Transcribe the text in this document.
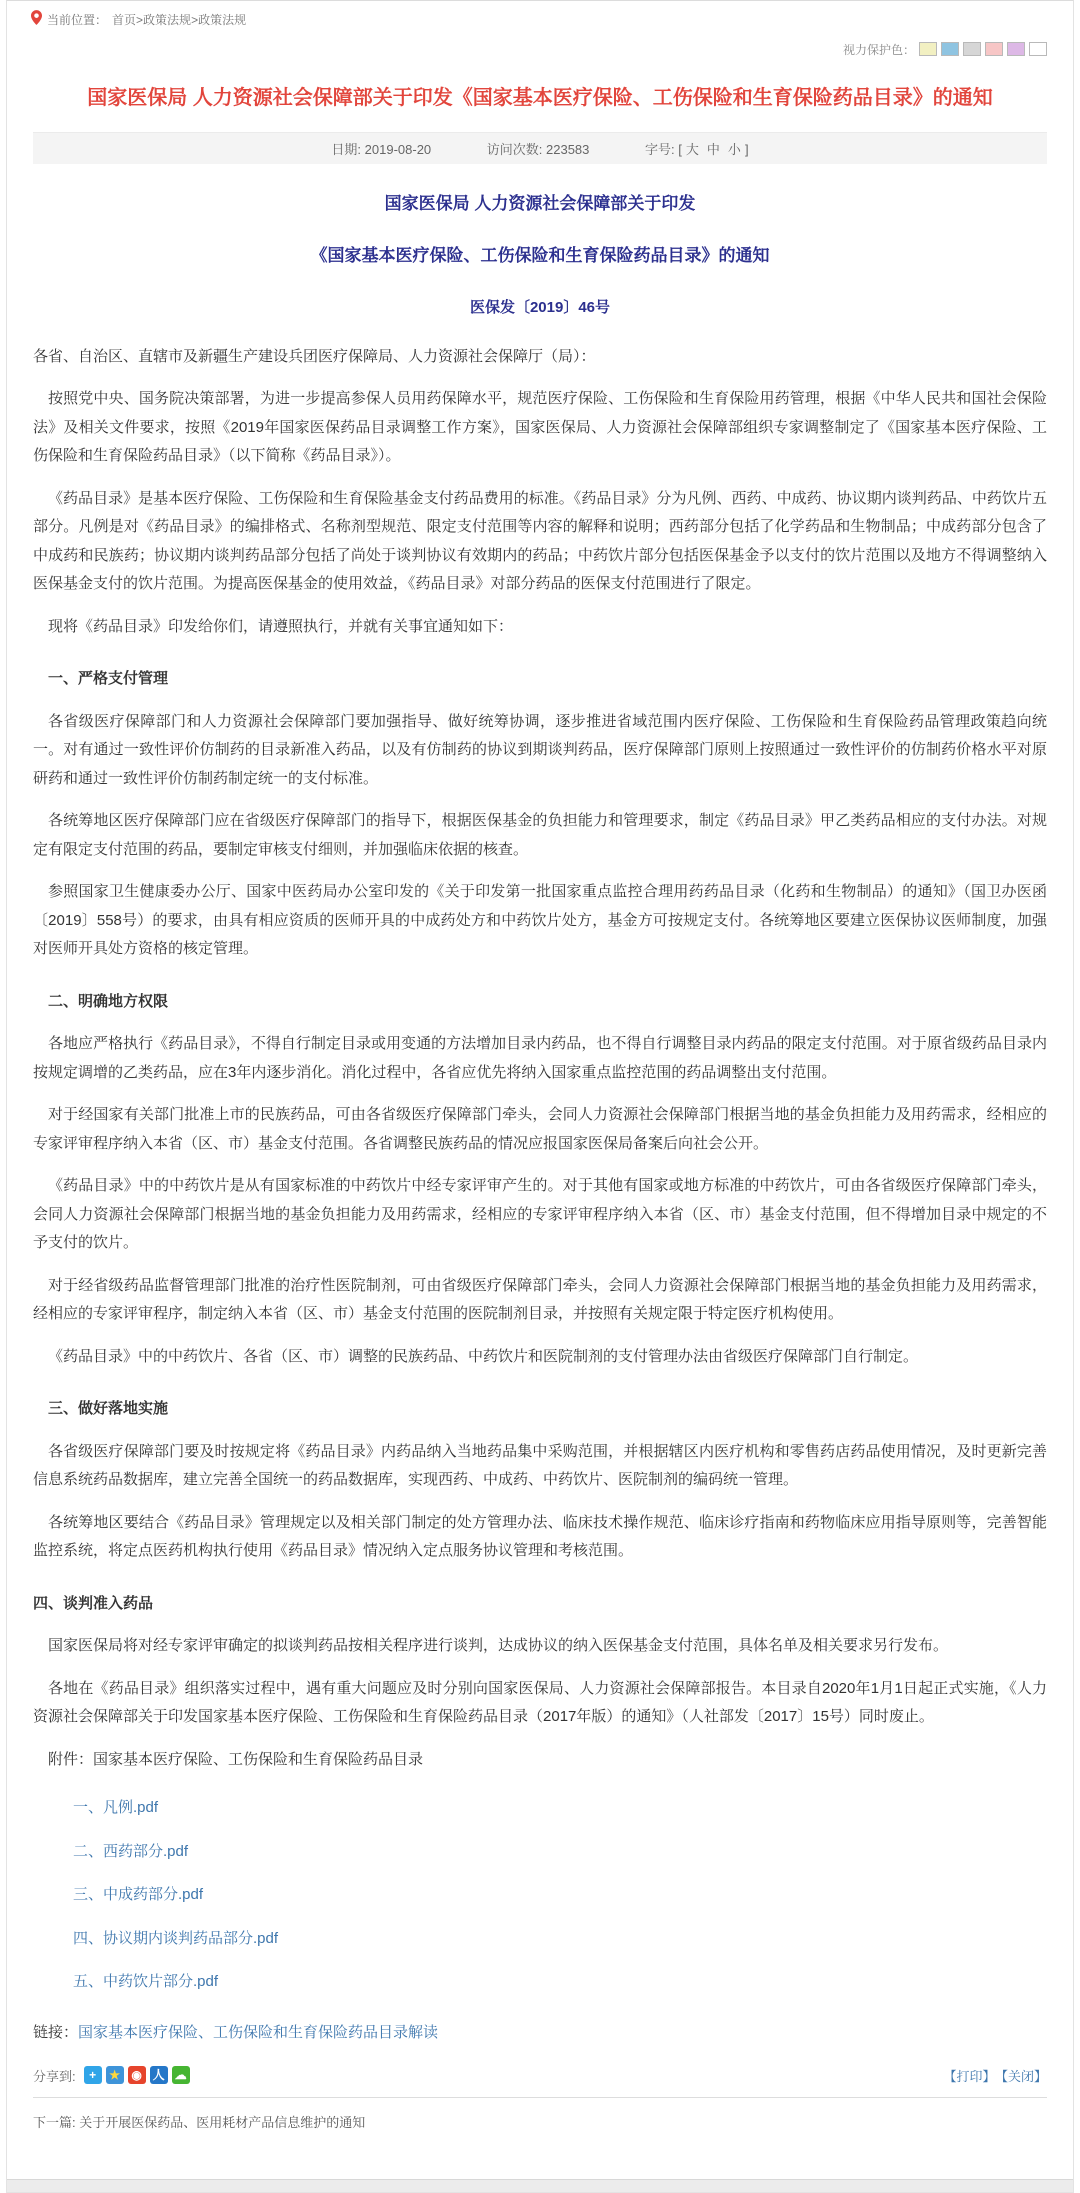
当前位置： 首页>政策法规>政策法规
视力保护色：
国家医保局 人力资源社会保障部关于印发《国家基本医疗保险、工伤保险和生育保险药品目录》的通知
日期: 2019-08-20	访问次数: 223583	字号: [ 大 中 小 ]
国家医保局 人力资源社会保障部关于印发
《国家基本医疗保险、工伤保险和生育保险药品目录》的通知
医保发〔2019〕46号

各省、自治区、直辖市及新疆生产建设兵团医疗保障局、人力资源社会保障厅（局）：

按照党中央、国务院决策部署，为进一步提高参保人员用药保障水平，规范医疗保险、工伤保险和生育保险用药管理，根据《中华人民共和国社会保险法》及相关文件要求，按照《2019年国家医保药品目录调整工作方案》，国家医保局、人力资源社会保障部组织专家调整制定了《国家基本医疗保险、工伤保险和生育保险药品目录》（以下简称《药品目录》）。

《药品目录》是基本医疗保险、工伤保险和生育保险基金支付药品费用的标准。《药品目录》分为凡例、西药、中成药、协议期内谈判药品、中药饮片五部分。凡例是对《药品目录》的编排格式、名称剂型规范、限定支付范围等内容的解释和说明；西药部分包括了化学药品和生物制品；中成药部分包含了中成药和民族药；协议期内谈判药品部分包括了尚处于谈判协议有效期内的药品；中药饮片部分包括医保基金予以支付的饮片范围以及地方不得调整纳入医保基金支付的饮片范围。为提高医保基金的使用效益，《药品目录》对部分药品的医保支付范围进行了限定。

现将《药品目录》印发给你们，请遵照执行，并就有关事宜通知如下：

一、严格支付管理

各省级医疗保障部门和人力资源社会保障部门要加强指导、做好统筹协调，逐步推进省域范围内医疗保险、工伤保险和生育保险药品管理政策趋向统一。对有通过一致性评价仿制药的目录新准入药品，以及有仿制药的协议到期谈判药品，医疗保障部门原则上按照通过一致性评价的仿制药价格水平对原研药和通过一致性评价仿制药制定统一的支付标准。

各统筹地区医疗保障部门应在省级医疗保障部门的指导下，根据医保基金的负担能力和管理要求，制定《药品目录》甲乙类药品相应的支付办法。对规定有限定支付范围的药品，要制定审核支付细则，并加强临床依据的核查。

参照国家卫生健康委办公厅、国家中医药局办公室印发的《关于印发第一批国家重点监控合理用药药品目录（化药和生物制品）的通知》（国卫办医函〔2019〕558号）的要求，由具有相应资质的医师开具的中成药处方和中药饮片处方，基金方可按规定支付。各统筹地区要建立医保协议医师制度，加强对医师开具处方资格的核定管理。

二、明确地方权限

各地应严格执行《药品目录》，不得自行制定目录或用变通的方法增加目录内药品，也不得自行调整目录内药品的限定支付范围。对于原省级药品目录内按规定调增的乙类药品，应在3年内逐步消化。消化过程中，各省应优先将纳入国家重点监控范围的药品调整出支付范围。

对于经国家有关部门批准上市的民族药品，可由各省级医疗保障部门牵头，会同人力资源社会保障部门根据当地的基金负担能力及用药需求，经相应的专家评审程序纳入本省（区、市）基金支付范围。各省调整民族药品的情况应报国家医保局备案后向社会公开。

《药品目录》中的中药饮片是从有国家标准的中药饮片中经专家评审产生的。对于其他有国家或地方标准的中药饮片，可由各省级医疗保障部门牵头，会同人力资源社会保障部门根据当地的基金负担能力及用药需求，经相应的专家评审程序纳入本省（区、市）基金支付范围，但不得增加目录中规定的不予支付的饮片。

对于经省级药品监督管理部门批准的治疗性医院制剂，可由省级医疗保障部门牵头，会同人力资源社会保障部门根据当地的基金负担能力及用药需求，经相应的专家评审程序，制定纳入本省（区、市）基金支付范围的医院制剂目录，并按照有关规定限于特定医疗机构使用。

《药品目录》中的中药饮片、各省（区、市）调整的民族药品、中药饮片和医院制剂的支付管理办法由省级医疗保障部门自行制定。

三、做好落地实施

各省级医疗保障部门要及时按规定将《药品目录》内药品纳入当地药品集中采购范围，并根据辖区内医疗机构和零售药店药品使用情况，及时更新完善信息系统药品数据库，建立完善全国统一的药品数据库，实现西药、中成药、中药饮片、医院制剂的编码统一管理。

各统筹地区要结合《药品目录》管理规定以及相关部门制定的处方管理办法、临床技术操作规范、临床诊疗指南和药物临床应用指导原则等，完善智能监控系统，将定点医药机构执行使用《药品目录》情况纳入定点服务协议管理和考核范围。

四、谈判准入药品

国家医保局将对经专家评审确定的拟谈判药品按相关程序进行谈判，达成协议的纳入医保基金支付范围，具体名单及相关要求另行发布。

各地在《药品目录》组织落实过程中，遇有重大问题应及时分别向国家医保局、人力资源社会保障部报告。本目录自2020年1月1日起正式实施，《人力资源社会保障部关于印发国家基本医疗保险、工伤保险和生育保险药品目录（2017年版）的通知》（人社部发〔2017〕15号）同时废止。

附件：国家基本医疗保险、工伤保险和生育保险药品目录

一、凡例.pdf
二、西药部分.pdf
三、中成药部分.pdf
四、协议期内谈判药品部分.pdf
五、中药饮片部分.pdf
链接：国家基本医疗保险、工伤保险和生育保险药品目录解读
分享到:	+	★ ◉ 人 ☁	【打印】 【关闭】
下一篇: 关于开展医保药品、医用耗材产品信息维护的通知
